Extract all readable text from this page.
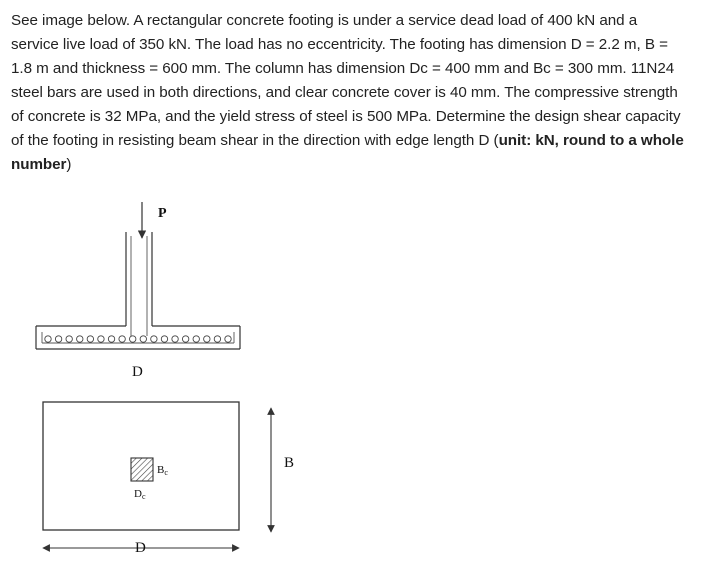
See image below. A rectangular concrete footing is under a service dead load of 400 kN and a
service live load of 350 kN. The load has no eccentricity. The footing has dimension D = 2.2 m, B =
1.8 m and thickness = 600 mm. The column has dimension Dc = 400 mm and Bc = 300 mm. 11N24
steel bars are used in both directions, and clear concrete cover is 40 mm. The compressive strength
of concrete is 32 MPa, and the yield stress of steel is 500 MPa. Determine the design shear capacity
of the footing in resisting beam shear in the direction with edge length D (unit: kN, round to a whole
number)
P
D
Bc
Dc
D
B
